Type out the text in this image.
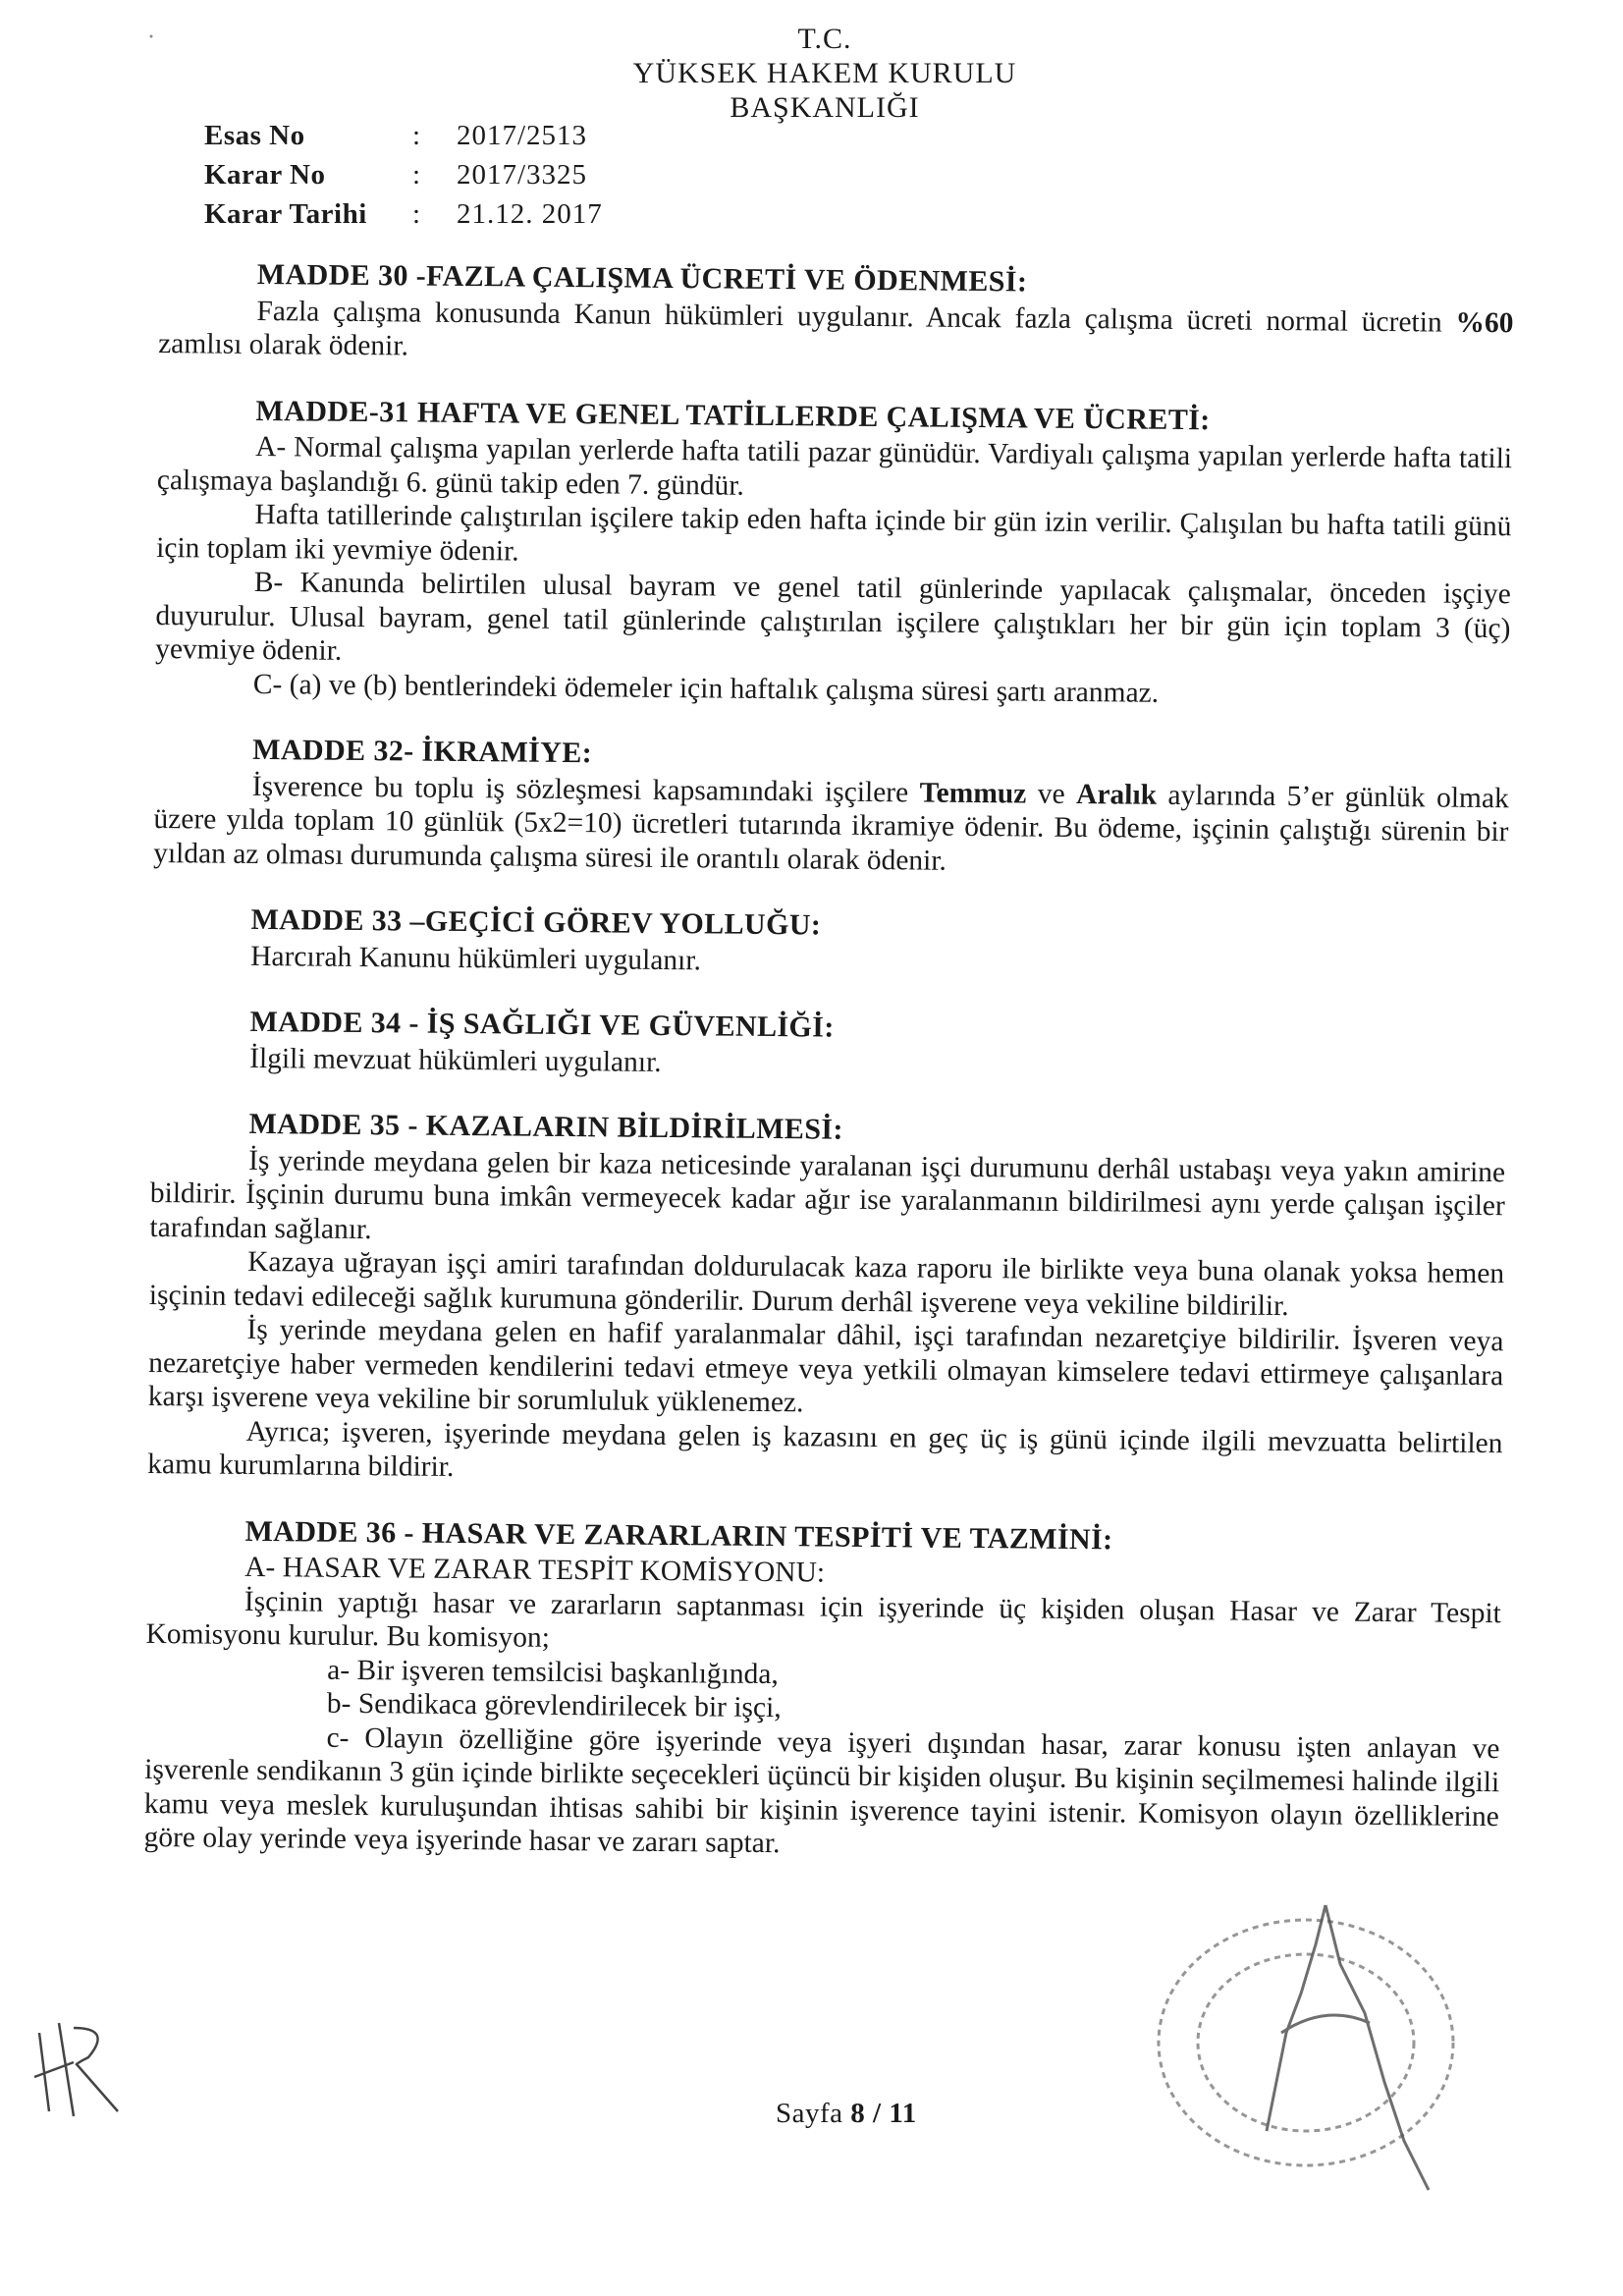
T.C.
YÜKSEK HAKEM KURULU
BAŞKANLIĞI
Esas No	:	2017/2513
Karar No	:	2017/3325
Karar Tarihi	:	21.12. 2017
MADDE 30 -FAZLA ÇALIŞMA ÜCRETİ VE ÖDENMESİ:

Fazla çalışma konusunda Kanun hükümleri uygulanır. Ancak fazla çalışma ücreti normal ücretin %60 zamlısı olarak ödenir.

MADDE-31 HAFTA VE GENEL TATİLLERDE ÇALIŞMA VE ÜCRETİ:

A- Normal çalışma yapılan yerlerde hafta tatili pazar günüdür. Vardiyalı çalışma yapılan yerlerde hafta tatili çalışmaya başlandığı 6. günü takip eden 7. gündür.

Hafta tatillerinde çalıştırılan işçilere takip eden hafta içinde bir gün izin verilir. Çalışılan bu hafta tatili günü için toplam iki yevmiye ödenir.

B- Kanunda belirtilen ulusal bayram ve genel tatil günlerinde yapılacak çalışmalar, önceden işçiye duyurulur. Ulusal bayram, genel tatil günlerinde çalıştırılan işçilere çalıştıkları her bir gün için toplam 3 (üç) yevmiye ödenir.

C- (a) ve (b) bentlerindeki ödemeler için haftalık çalışma süresi şartı aranmaz.

MADDE 32- İKRAMİYE:

İşverence bu toplu iş sözleşmesi kapsamındaki işçilere Temmuz ve Aralık aylarında 5’er günlük olmak üzere yılda toplam 10 günlük (5x2=10) ücretleri tutarında ikramiye ödenir. Bu ödeme, işçinin çalıştığı sürenin bir yıldan az olması durumunda çalışma süresi ile orantılı olarak ödenir.

MADDE 33 –GEÇİCİ GÖREV YOLLUĞU:

Harcırah Kanunu hükümleri uygulanır.

MADDE 34 - İŞ SAĞLIĞI VE GÜVENLİĞİ:

İlgili mevzuat hükümleri uygulanır.

MADDE 35 - KAZALARIN BİLDİRİLMESİ:

İş yerinde meydana gelen bir kaza neticesinde yaralanan işçi durumunu derhâl ustabaşı veya yakın amirine bildirir. İşçinin durumu buna imkân vermeyecek kadar ağır ise yaralanmanın bildirilmesi aynı yerde çalışan işçiler tarafından sağlanır.

Kazaya uğrayan işçi amiri tarafından doldurulacak kaza raporu ile birlikte veya buna olanak yoksa hemen işçinin tedavi edileceği sağlık kurumuna gönderilir. Durum derhâl işverene veya vekiline bildirilir.

İş yerinde meydana gelen en hafif yaralanmalar dâhil, işçi tarafından nezaretçiye bildirilir. İşveren veya nezaretçiye haber vermeden kendilerini tedavi etmeye veya yetkili olmayan kimselere tedavi ettirmeye çalışanlara karşı işverene veya vekiline bir sorumluluk yüklenemez.

Ayrıca; işveren, işyerinde meydana gelen iş kazasını en geç üç iş günü içinde ilgili mevzuatta belirtilen kamu kurumlarına bildirir.

MADDE 36 - HASAR VE ZARARLARIN TESPİTİ VE TAZMİNİ:
A- HASAR VE ZARAR TESPİT KOMİSYONU:

İşçinin yaptığı hasar ve zararların saptanması için işyerinde üç kişiden oluşan Hasar ve Zarar Tespit Komisyonu kurulur. Bu komisyon;

a- Bir işveren temsilcisi başkanlığında,
b- Sendikaca görevlendirilecek bir işçi,

c- Olayın özelliğine göre işyerinde veya işyeri dışından hasar, zarar konusu işten anlayan ve işverenle sendikanın 3 gün içinde birlikte seçecekleri üçüncü bir kişiden oluşur. Bu kişinin seçilmemesi halinde ilgili kamu veya meslek kuruluşundan ihtisas sahibi bir kişinin işverence tayini istenir. Komisyon olayın özelliklerine göre olay yerinde veya işyerinde hasar ve zararı saptar.

Sayfa 8 / 11
